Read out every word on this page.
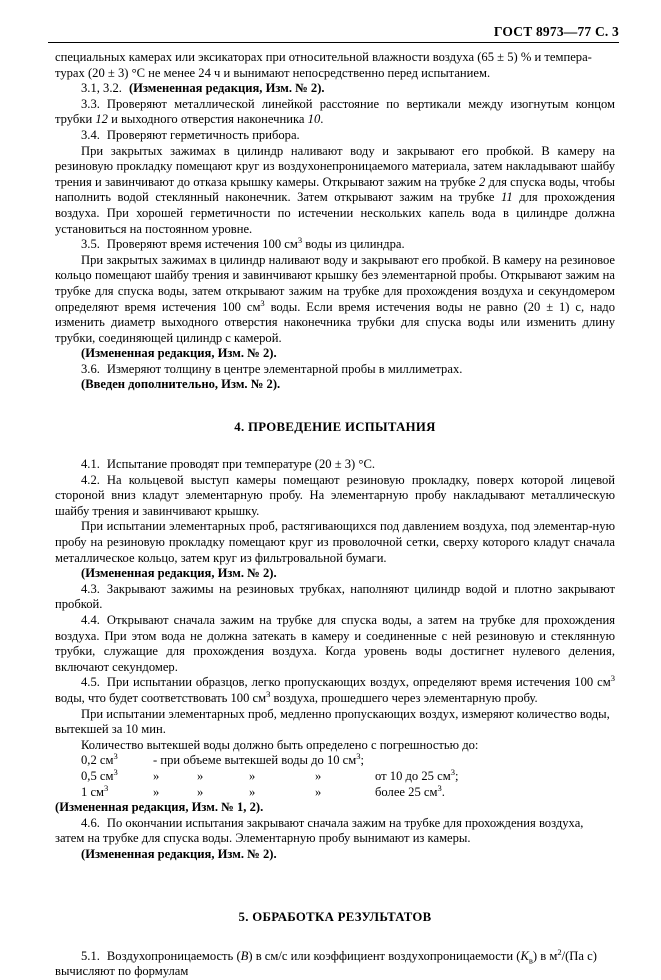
ГОСТ 8973—77 С. 3

специальных камерах или эксикаторах при относительной влажности воздуха (65 ± 5) % и темпера-
турах (20 ± 3) °С не менее 24 ч и вынимают непосредственно перед испытанием.

3.1, 3.2. (Измененная редакция, Изм. № 2).

3.3. Проверяют металлической линейкой расстояние по вертикали между изогнутым концом трубки 12 и выходного отверстия наконечника 10.

3.4. Проверяют герметичность прибора.

При закрытых зажимах в цилиндр наливают воду и закрывают его пробкой. В камеру на резиновую прокладку помещают круг из воздухонепроницаемого материала, затем накладывают шайбу трения и завинчивают до отказа крышку камеры. Открывают зажим на трубке 2 для спуска воды, чтобы наполнить водой стеклянный наконечник. Затем открывают зажим на трубке 11 для прохождения воздуха. При хорошей герметичности по истечении нескольких капель вода в цилиндре должна установиться на постоянном уровне.

3.5. Проверяют время истечения 100 $см^3$ воды из цилиндра.

При закрытых зажимах в цилиндр наливают воду и закрывают его пробкой. В камеру на резиновое кольцо помещают шайбу трения и завинчивают крышку без элементарной пробы. Открывают зажим на трубке для спуска воды, затем открывают зажим на трубке для прохождения воздуха и секундомером определяют время истечения 100 $см^3$ воды. Если время истечения воды не равно (20 ± 1) с, надо изменить диаметр выходного отверстия наконечника трубки для спуска воды или изменить длину трубки, соединяющей цилиндр с камерой.

(Измененная редакция, Изм. № 2).

3.6. Измеряют толщину в центре элементарной пробы в миллиметрах.

(Введен дополнительно, Изм. № 2).

4. ПРОВЕДЕНИЕ ИСПЫТАНИЯ

4.1. Испытание проводят при температуре (20 ± 3) °С.

4.2. На кольцевой выступ камеры помещают резиновую прокладку, поверх которой лицевой стороной вниз кладут элементарную пробу. На элементарную пробу накладывают металлическую шайбу трения и завинчивают крышку.

При испытании элементарных проб, растягивающихся под давлением воздуха, под элементар-ную пробу на резиновую прокладку помещают круг из проволочной сетки, сверху которого кладут сначала металлическое кольцо, затем круг из фильтровальной бумаги.

(Измененная редакция, Изм. № 2).

4.3. Закрывают зажимы на резиновых трубках, наполняют цилиндр водой и плотно закрывают пробкой.

4.4. Открывают сначала зажим на трубке для спуска воды, а затем на трубке для прохождения воздуха. При этом вода не должна затекать в камеру и соединенные с ней резиновую и стеклянную трубки, служащие для прохождения воздуха. Когда уровень воды достигнет нулевого деления, включают секундомер.

4.5. При испытании образцов, легко пропускающих воздух, определяют время истечения 100 $см^3$ воды, что будет соответствовать 100 $см^3$ воздуха, прошедшего через элементарную пробу.

При испытании элементарных проб, медленно пропускающих воздух, измеряют количество воды, вытекшей за 10 мин.

Количество вытекшей воды должно быть определено с погрешностью до:

0,2 $см^3$	- при объеме вытекшей воды до 10 $см^3$;				
0,5 $см^3$	»	»	»	»	от 10 до 25 $см^3$;
1 $см^3$	»	»	»	»	более 25 $см^3$.

(Измененная редакция, Изм. № 1, 2).

4.6. По окончании испытания закрывают сначала зажим на трубке для прохождения воздуха, затем на трубке для спуска воды. Элементарную пробу вынимают из камеры.

(Измененная редакция, Изм. № 2).

5. ОБРАБОТКА РЕЗУЛЬТАТОВ

5.1. Воздухопроницаемость (B) в см/с или коэффициент воздухопроницаемости $(K_в)$ в $м^2/(Па$ с) вычисляют по формулам
